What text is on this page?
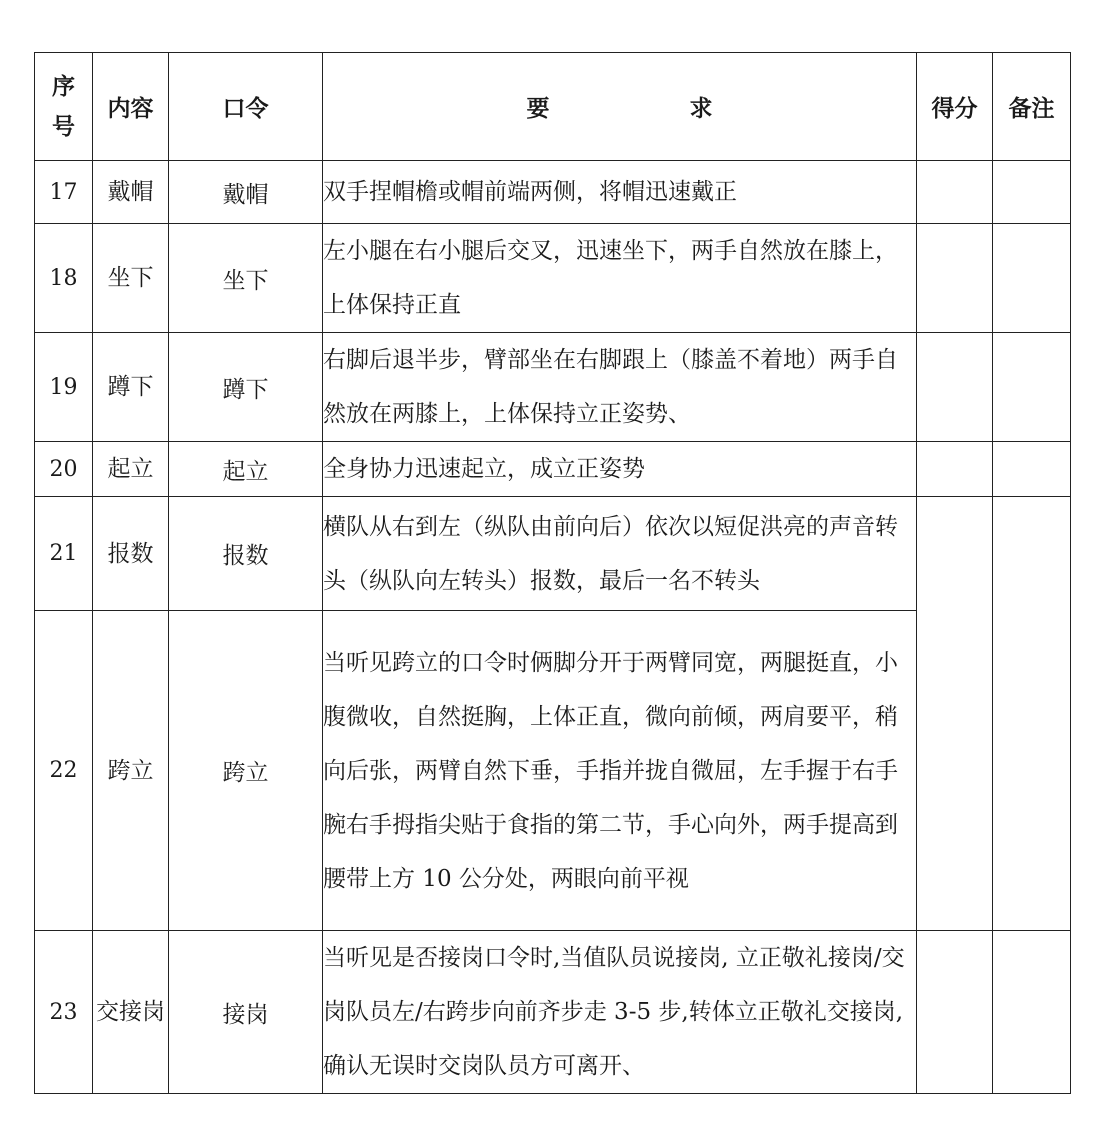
序
号	内容	口令	要 求	得分	备注
17	戴帽	戴帽	双手捏帽檐或帽前端两侧，将帽迅速戴正		
18	坐下	坐下	左小腿在右小腿后交叉，迅速坐下，两手自然放在膝上，上体保持正直		
19	蹲下	蹲下	右脚后退半步，臂部坐在右脚跟上（膝盖不着地）两手自然放在两膝上，上体保持立正姿势、		
20	起立	起立	全身协力迅速起立，成立正姿势		
21	报数	报数	横队从右到左（纵队由前向后）依次以短促洪亮的声音转头（纵队向左转头）报数，最后一名不转头		
22	跨立	跨立	当听见跨立的口令时俩脚分开于两臂同宽，两腿挺直，小腹微收，自然挺胸，上体正直，微向前倾，两肩要平，稍向后张，两臂自然下垂，手指并拢自微屈，左手握于右手腕右手拇指尖贴于食指的第二节，手心向外，两手提高到腰带上方 10 公分处，两眼向前平视		
23	交接岗	接岗	当听见是否接岗口令时,当值队员说接岗, 立正敬礼接岗/交岗队员左/右跨步向前齐步走 3-5 步,转体立正敬礼交接岗, 确认无误时交岗队员方可离开、		
